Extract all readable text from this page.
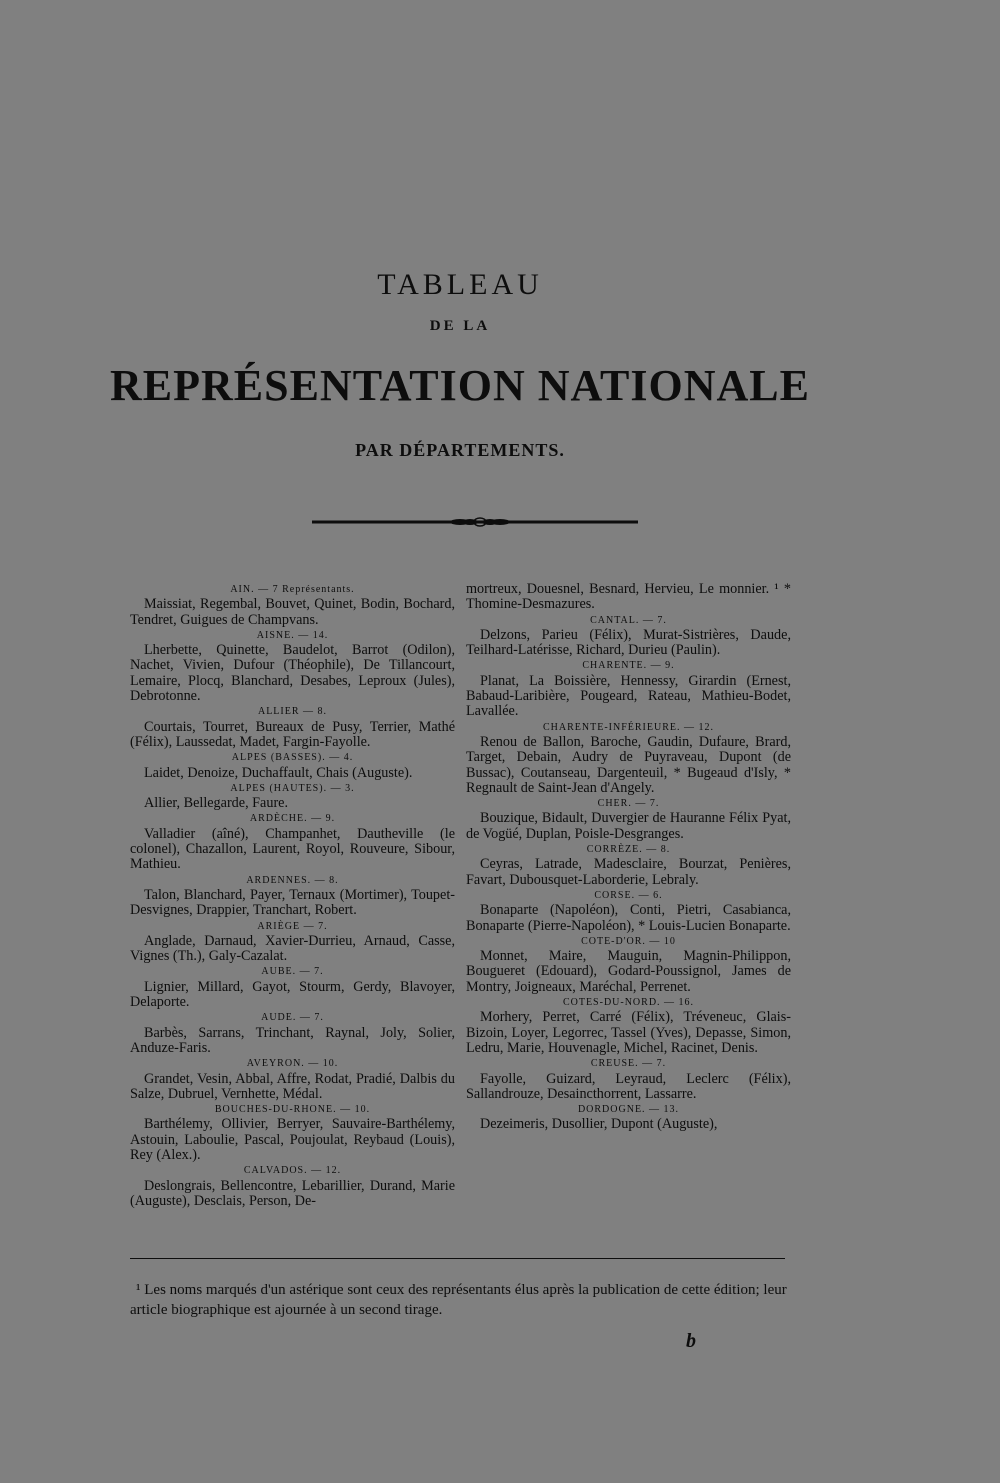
TABLEAU
DE LA
REPRÉSENTATION NATIONALE
PAR DÉPARTEMENTS.
AIN. — 7 Représentants.
Maissiat, Regembal, Bouvet, Quinet, Bodin, Bochard, Tendret, Guigues de Champvans.
AISNE. — 14.
Lherbette, Quinette, Baudelot, Barrot (Odilon), Nachet, Vivien, Dufour (Théophile), De Tillancourt, Lemaire, Plocq, Blanchard, Desabes, Leproux (Jules), Debrotonne.
ALLIER — 8.
Courtais, Tourret, Bureaux de Pusy, Terrier, Mathé (Félix), Laussedat, Madet, Fargin-Fayolle.
ALPES (BASSES). — 4.
Laidet, Denoize, Duchaffault, Chais (Auguste).
ALPES (HAUTES). — 3.
Allier, Bellegarde, Faure.
ARDÈCHE. — 9.
Valladier (aîné), Champanhet, Dautheville (le colonel), Chazallon, Laurent, Royol, Rouveure, Sibour, Mathieu.
ARDENNES. — 8.
Talon, Blanchard, Payer, Ternaux (Mortimer), Toupet-Desvignes, Drappier, Tranchart, Robert.
ARIÈGE — 7.
Anglade, Darnaud, Xavier-Durrieu, Arnaud, Casse, Vignes (Th.), Galy-Cazalat.
AUBE. — 7.
Lignier, Millard, Gayot, Stourm, Gerdy, Blavoyer, Delaporte.
AUDE. — 7.
Barbès, Sarrans, Trinchant, Raynal, Joly, Solier, Anduze-Faris.
AVEYRON. — 10.
Grandet, Vesin, Abbal, Affre, Rodat, Pradié, Dalbis du Salze, Dubruel, Vernhette, Médal.
BOUCHES-DU-RHONE. — 10.
Barthélemy, Ollivier, Berryer, Sauvaire-Barthélemy, Astouin, Laboulie, Pascal, Poujoulat, Reybaud (Louis), Rey (Alex.).
CALVADOS. — 12.
Deslongrais, Bellencontre, Lebarillier, Durand, Marie (Auguste), Desclais, Person, De-
mortreux, Douesnel, Besnard, Hervieu, Le monnier. ¹ * Thomine-Desmazures.
CANTAL. — 7.
Delzons, Parieu (Félix), Murat-Sistrières, Daude, Teilhard-Latérisse, Richard, Durieu (Paulin).
CHARENTE. — 9.
Planat, La Boissière, Hennessy, Girardin (Ernest, Babaud-Laribière, Pougeard, Rateau, Mathieu-Bodet, Lavallée.
CHARENTE-INFÉRIEURE. — 12.
Renou de Ballon, Baroche, Gaudin, Dufaure, Brard, Target, Debain, Audry de Puyraveau, Dupont (de Bussac), Coutanseau, Dargenteuil, * Bugeaud d'Isly, * Regnault de Saint-Jean d'Angely.
CHER. — 7.
Bouzique, Bidault, Duvergier de Hauranne Félix Pyat, de Vogüé, Duplan, Poisle-Desgranges.
CORRÈZE. — 8.
Ceyras, Latrade, Madesclaire, Bourzat, Penières, Favart, Dubousquet-Laborderie, Lebraly.
CORSE. — 6.
Bonaparte (Napoléon), Conti, Pietri, Casabianca, Bonaparte (Pierre-Napoléon), * Louis-Lucien Bonaparte.
COTE-D'OR. — 10
Monnet, Maire, Mauguin, Magnin-Philippon, Bougueret (Edouard), Godard-Poussignol, James de Montry, Joigneaux, Maréchal, Perrenet.
COTES-DU-NORD. — 16.
Morhery, Perret, Carré (Félix), Tréveneuc, Glais-Bizoin, Loyer, Legorrec, Tassel (Yves), Depasse, Simon, Ledru, Marie, Houvenagle, Michel, Racinet, Denis.
CREUSE. — 7.
Fayolle, Guizard, Leyraud, Leclerc (Félix), Sallandrouze, Desaincthorrent, Lassarre.
DORDOGNE. — 13.
Dezeimeris, Dusollier, Dupont (Auguste),
¹ Les noms marqués d'un astérique sont ceux des représentants élus après la publication de cette édition; leur article biographique est ajournée à un second tirage.
b
